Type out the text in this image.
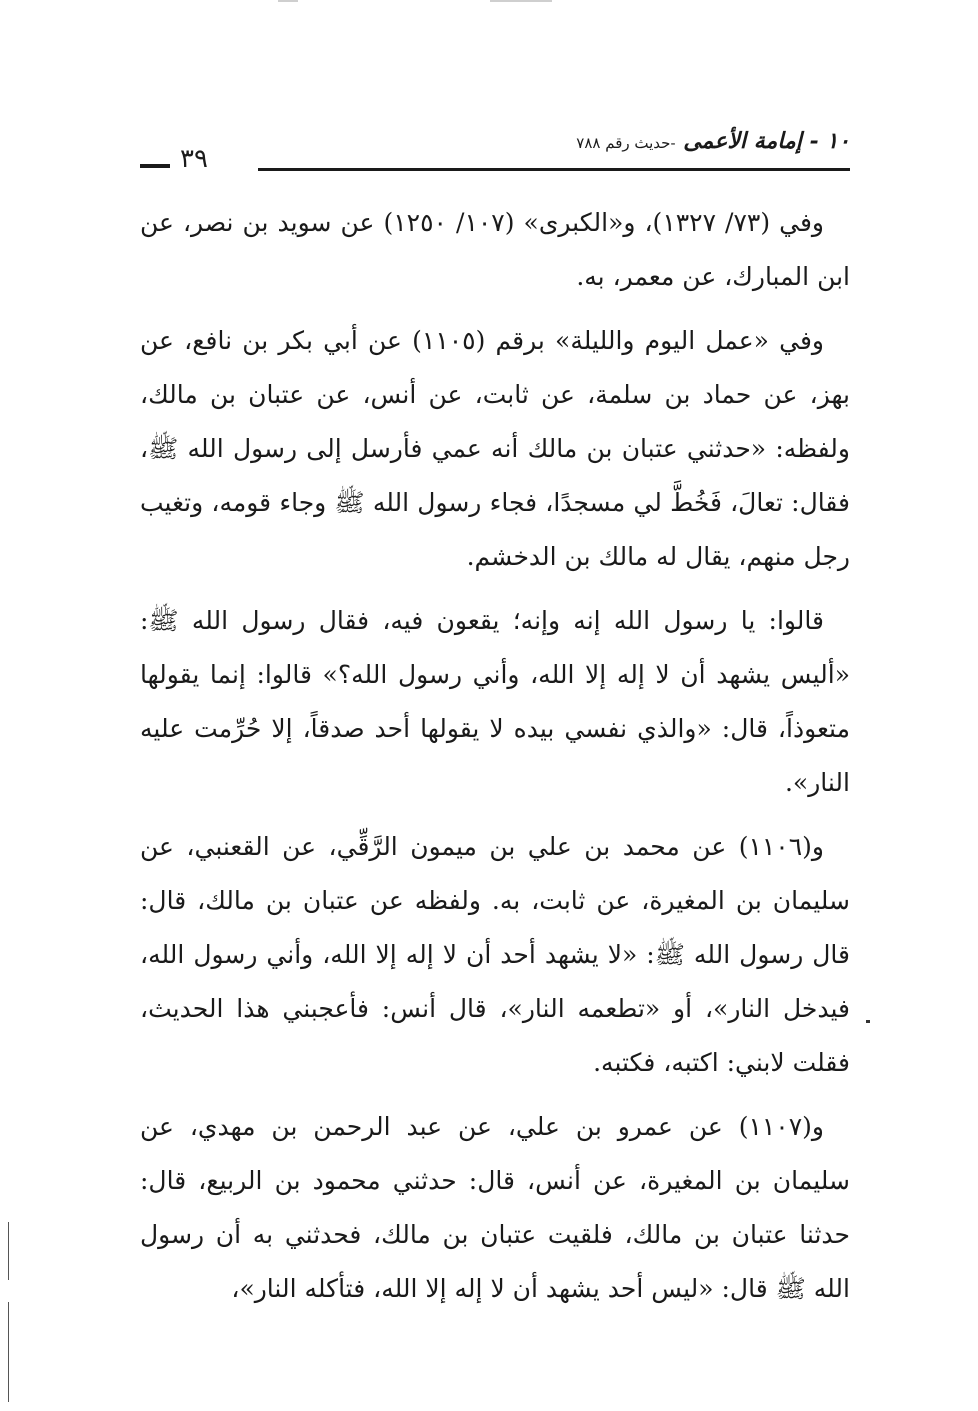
١٠ - إمامة الأعمى -حديث رقم ٧٨٨
٣٩

وفي (٧٣/ ١٣٢٧)، و«الكبرى» (١٠٧/ ١٢٥٠) عن سويد بن نصر، عن ابن المبارك، عن معمر، به.

وفي «عمل اليوم والليلة» برقم (١١٠٥) عن أبي بكر بن نافع، عن بهز، عن حماد بن سلمة، عن ثابت، عن أنس، عن عتبان بن مالك، ولفظه: «حدثني عتبان بن مالك أنه عمي فأرسل إلى رسول الله ﷺ، فقال: تعالَ، فَخُطَّ لي مسجدًا، فجاء رسول الله ﷺ وجاء قومه، وتغيب رجل منهم، يقال له مالك بن الدخشم.

قالوا: يا رسول الله إنه وإنه؛ يقعون فيه، فقال رسول الله ﷺ: «أليس يشهد أن لا إله إلا الله، وأني رسول الله؟» قالوا: إنما يقولها متعوذاً، قال: «والذي نفسي بيده لا يقولها أحد صدقاً، إلا حُرِّمت عليه النار».

و(١١٠٦) عن محمد بن علي بن ميمون الرَّقِّي، عن القعنبي، عن سليمان بن المغيرة، عن ثابت، به. ولفظه عن عتبان بن مالك، قال: قال رسول الله ﷺ: «لا يشهد أحد أن لا إله إلا الله، وأني رسول الله، فيدخل النار»، أو «تطعمه النار»، قال أنس: فأعجبني هذا الحديث، فقلت لابني: اكتبه، فكتبه.

و(١١٠٧) عن عمرو بن علي، عن عبد الرحمن بن مهدي، عن سليمان بن المغيرة، عن أنس، قال: حدثني محمود بن الربيع، قال: حدثنا عتبان بن مالك، فلقيت عتبان بن مالك، فحدثني به أن رسول الله ﷺ قال: «ليس أحد يشهد أن لا إله إلا الله، فتأكله النار»،
